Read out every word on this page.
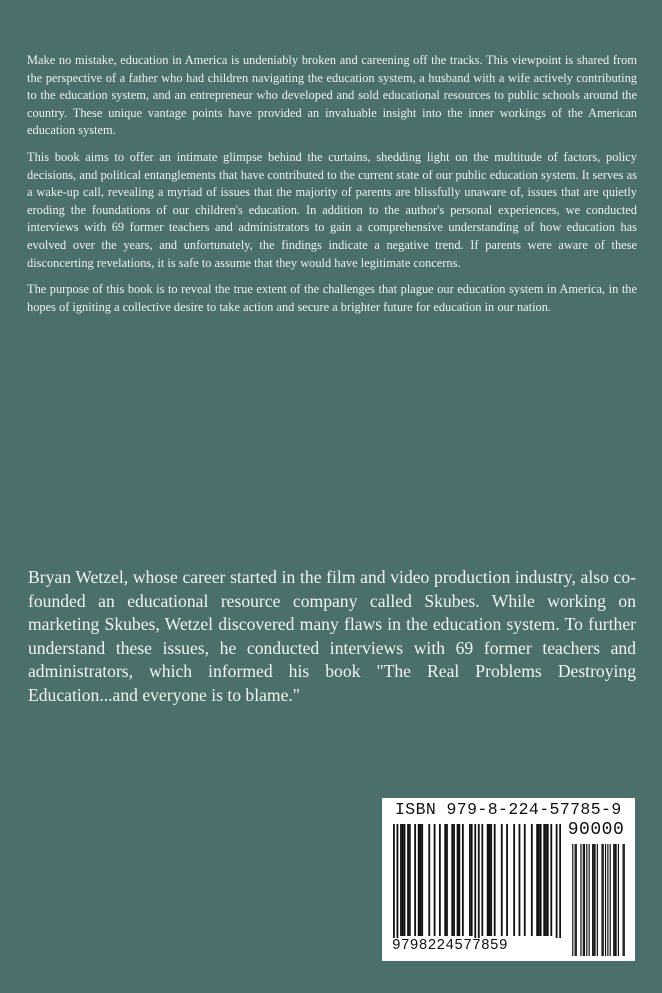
Make no mistake, education in America is undeniably broken and careening off the tracks. This viewpoint is shared from the perspective of a father who had children navigating the education system, a husband with a wife actively contributing to the education system, and an entrepreneur who developed and sold educational resources to public schools around the country. These unique vantage points have provided an invaluable insight into the inner workings of the American education system.

This book aims to offer an intimate glimpse behind the curtains, shedding light on the multitude of factors, policy decisions, and political entanglements that have contributed to the current state of our public education system. It serves as a wake-up call, revealing a myriad of issues that the majority of parents are blissfully unaware of, issues that are quietly eroding the foundations of our children's education. In addition to the author's personal experiences, we conducted interviews with 69 former teachers and administrators to gain a comprehensive understanding of how education has evolved over the years, and unfortunately, the findings indicate a negative trend. If parents were aware of these disconcerting revelations, it is safe to assume that they would have legitimate concerns.

The purpose of this book is to reveal the true extent of the challenges that plague our education system in America, in the hopes of igniting a collective desire to take action and secure a brighter future for education in our nation.

Bryan Wetzel, whose career started in the film and video production industry, also co-founded an educational resource company called Skubes. While working on marketing Skubes, Wetzel discovered many flaws in the education system. To further understand these issues, he conducted interviews with 69 former teachers and administrators, which informed his book "The Real Problems Destroying Education...and everyone is to blame."

ISBN 979-8-224-57785-9
90000
9798224577859
